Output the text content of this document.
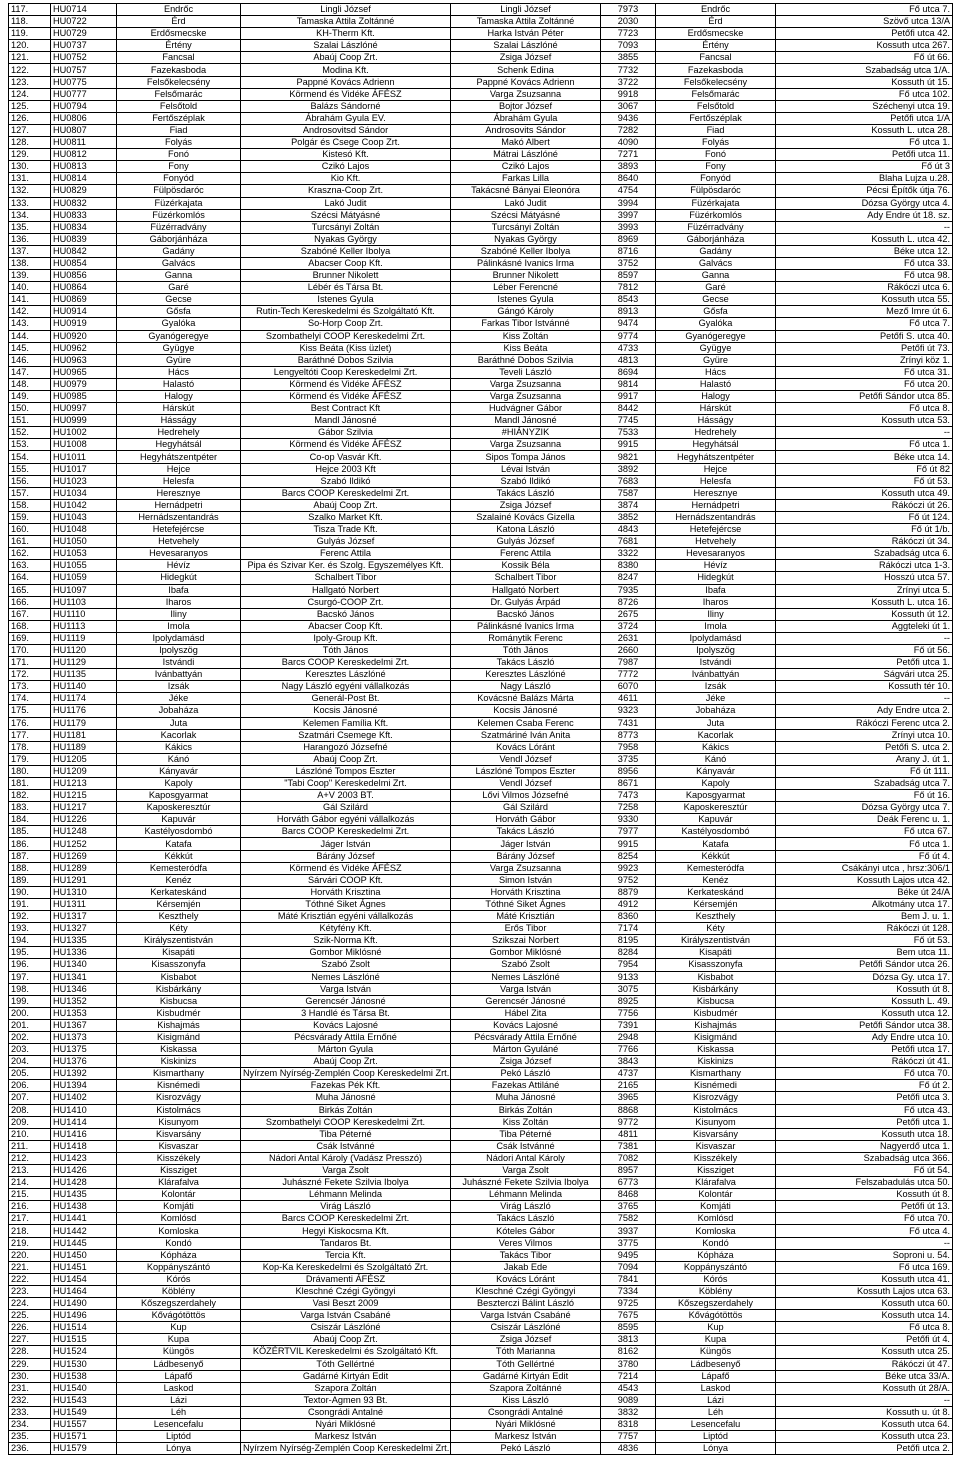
117.	HU0714	Endrőc	Lingli József	Lingli József	7973	Endrőc	Fő utca 7.
118.	HU0722	Érd	Tamaska Attila Zoltánné	Tamaska Attila Zoltánné	2030	Érd	Szövő utca 13/A
119.	HU0729	Erdősmecske	KH-Therm Kft.	Harka István Péter	7723	Erdősmecske	Petőfi utca 42.
120.	HU0737	Értény	Szalai Lászlóné	Szalai Lászlóné	7093	Értény	Kossuth utca 267.
121.	HU0752	Fancsal	Abaúj Coop Zrt.	Zsiga József	3855	Fancsal	Fő út 66.
122.	HU0757	Fazekasboda	Modina Kft.	Schenk Edina	7732	Fazekasboda	Szabadság utca 1/A.
123.	HU0775	Felsőkelecsény	Pappné Kovács Adrienn	Pappné Kovács Adrienn	3722	Felsőkelecsény	Kossuth út 15.
124.	HU0777	Felsőmarác	Körmend és Vidéke ÁFÉSZ	Varga Zsuzsanna	9918	Felsőmarác	Fő utca 102.
125.	HU0794	Felsőtold	Balázs Sándorné	Bojtor József	3067	Felsőtold	Széchenyi utca 19.
126.	HU0806	Fertőszéplak	Ábrahám Gyula EV.	Ábrahám Gyula	9436	Fertőszéplak	Petőfi utca 1/A
127.	HU0807	Fiad	Androsovitsd Sándor	Androsovits Sándor	7282	Fiad	Kossuth L. utca 28.
128.	HU0811	Folyás	Polgár és Csege Coop Zrt.	Makó Albert	4090	Folyás	Fő utca 1.
129.	HU0812	Fonó	Kistesó Kft.	Mátrai Lászlóné	7271	Fonó	Petőfi utca 11.
130.	HU0813	Fony	Czikó Lajos	Czikó Lajos	3893	Fony	Fő út 3
131.	HU0814	Fonyód	Kio Kft.	Farkas Lilla	8640	Fonyód	Blaha Lujza u.28.
132.	HU0829	Fülpösdaróc	Kraszna-Coop Zrt.	Takácsné Bányai Eleonóra	4754	Fülpösdaróc	Pécsi Építők útja 76.
133.	HU0832	Füzérkajata	Lakó Judit	Lakó Judit	3994	Füzérkajata	Dózsa György utca 4.
134.	HU0833	Füzérkomlós	Szécsi Mátyásné	Szécsi Mátyásné	3997	Füzérkomlós	Ady Endre út 18. sz.
135.	HU0834	Füzérradvány	Turcsányi Zoltán	Turcsányi Zoltán	3993	Füzérradvány	--
136.	HU0839	Gáborjánháza	Nyakas György	Nyakas György	8969	Gáborjánháza	Kossuth L. utca 42.
137.	HU0842	Gadány	Szabóné Keller Ibolya	Szabóné Keller Ibolya	8716	Gadány	Béke utca 12.
138.	HU0854	Galvács	Abacser Coop Kft.	Pálinkásné Ivanics Irma	3752	Galvács	Fő utca 33.
139.	HU0856	Ganna	Brunner Nikolett	Brunner Nikolett	8597	Ganna	Fő utca 98.
140.	HU0864	Garé	Lébér és Társa Bt.	Léber Ferencné	7812	Garé	Rákóczi utca 6.
141.	HU0869	Gecse	Istenes Gyula	Istenes Gyula	8543	Gecse	Kossuth utca 55.
142.	HU0914	Gősfa	Rutin-Tech Kereskedelmi és Szolgáltató Kft.	Gángó Károly	8913	Gősfa	Mező Imre út 6.
143.	HU0919	Gyalóka	So-Horp Coop Zrt.	Farkas Tibor Istvánné	9474	Gyalóka	Fő utca 7.
144.	HU0920	Gyanógeregye	Szombathelyi COOP Kereskedelmi Zrt.	Kiss Zoltán	9774	Gyanógeregye	Petőfi S. utca 40.
145.	HU0962	Gyügye	Kiss Beáta (Kiss üzlet)	Kiss Beáta	4733	Gyügye	Petőfi út 73.
146.	HU0963	Gyüre	Baráthné Dobos Szilvia	Baráthné Dobos Szilvia	4813	Gyüre	Zrínyi köz 1.
147.	HU0965	Hács	Lengyeltóti Coop Kereskedelmi Zrt.	Teveli László	8694	Hács	Fő utca 31.
148.	HU0979	Halastó	Körmend és Vidéke ÁFÉSZ	Varga Zsuzsanna	9814	Halastó	Fő utca 20.
149.	HU0985	Halogy	Körmend és Vidéke ÁFÉSZ	Varga Zsuzsanna	9917	Halogy	Petőfi Sándor utca 85.
150.	HU0997	Hárskút	Best Contract Kft	Hudvágner Gábor	8442	Hárskút	Fő utca 8.
151.	HU0999	Hásságy	Mandl Jánosné	Mandl Jánosné	7745	Hásságy	Kossuth utca 53.
152.	HU1002	Hedrehely	Gábor Szilvia	#HIÁNYZIK	7533	Hedrehely	--
153.	HU1008	Hegyhátsál	Körmend és Vidéke ÁFÉSZ	Varga Zsuzsanna	9915	Hegyhátsál	Fő utca 1.
154.	HU1011	Hegyhátszentpéter	Co-op Vasvár Kft.	Sipos Tompa János	9821	Hegyhátszentpéter	Béke utca 14.
155.	HU1017	Hejce	Hejce 2003 Kft	Lévai István	3892	Hejce	Fő út 82
156.	HU1023	Helesfa	Szabó Ildikó	Szabó Ildikó	7683	Helesfa	Fő út 53.
157.	HU1034	Heresznye	Barcs COOP Kereskedelmi Zrt.	Takács László	7587	Heresznye	Kossuth utca 49.
158.	HU1042	Hernádpetri	Abaúj Coop Zrt.	Zsiga József	3874	Hernádpetri	Rákóczi út 26.
159.	HU1043	Hernádszentandrás	Szalko Market Kft.	Szalainé Kovács Gizella	3852	Hernádszentandrás	Fő út 124.
160.	HU1048	Hetefejércse	Tisza Trade Kft.	Katona László	4843	Hetefejércse	Fő út 1/b.
161.	HU1050	Hetvehely	Gulyás József	Gulyás József	7681	Hetvehely	Rákóczi út 34.
162.	HU1053	Hevesaranyos	Ferenc Attila	Ferenc Attila	3322	Hevesaranyos	Szabadság utca 6.
163.	HU1055	Hévíz	Pipa és Szivar Ker. és Szolg. Egyszemélyes Kft.	Kossik Béla	8380	Hévíz	Rákóczi utca 1-3.
164.	HU1059	Hidegkút	Schalbert Tibor	Schalbert Tibor	8247	Hidegkút	Hosszú utca 57.
165.	HU1097	Ibafa	Hallgató Norbert	Hallgató Norbert	7935	Ibafa	Zrínyi utca 5.
166.	HU1103	Iharos	Csurgó-COOP Zrt.	Dr. Gulyás Árpád	8726	Iharos	Kossuth L. utca 16.
167.	HU1110	Iliny	Bacskó János	Bacskó János	2675	Iliny	Kossuth út 12.
168.	HU1113	Imola	Abacser Coop Kft.	Pálinkásné Ivanics Irma	3724	Imola	Aggteleki út 1.
169.	HU1119	Ipolydamásd	Ipoly-Group Kft.	Románytik Ferenc	2631	Ipolydamásd	--
170.	HU1120	Ipolyszög	Tóth János	Tóth János	2660	Ipolyszög	Fő út 56.
171.	HU1129	Istvándi	Barcs COOP Kereskedelmi Zrt.	Takács László	7987	Istvándi	Petőfi utca 1.
172.	HU1135	Ivánbattyán	Keresztes Lászlóné	Keresztes Lászlóné	7772	Ivánbattyán	Ságvári utca 25.
173.	HU1140	Izsák	Nagy László egyéni vállalkozás	Nagy László	6070	Izsák	Kossuth tér 10.
174.	HU1174	Jéke	Generál-Post Bt.	Kovácsné Balázs Márta	4611	Jéke	--
175.	HU1176	Jobaháza	Kocsis Jánosné	Kocsis Jánosné	9323	Jobaháza	Ady Endre utca 2.
176.	HU1179	Juta	Kelemen Família Kft.	Kelemen Csaba Ferenc	7431	Juta	Rákóczi Ferenc utca 2.
177.	HU1181	Kacorlak	Szatmári Csemege Kft.	Szatmáriné Iván Anita	8773	Kacorlak	Zrínyi utca 10.
178.	HU1189	Kákics	Harangozó Józsefné	Kovács Lóránt	7958	Kákics	Petőfi S. utca 2.
179.	HU1205	Kánó	Abaúj Coop Zrt.	Vendl József	3735	Kánó	Arany J. út 1.
180.	HU1209	Kányavár	Lászlóné Tompos Eszter	Lászlóné Tompos Eszter	8956	Kányavár	Fő út 111.
181.	HU1213	Kapoly	"Tabi Coop" Kereskedelmi Zrt.	Vendl József	8671	Kapoly	Szabadság utca 7.
182.	HU1215	Kaposgyarmat	A+V 2003 BT.	Lővi Vilmos Józsefné	7473	Kaposgyarmat	Fő út 16.
183.	HU1217	Kaposkeresztúr	Gál Szilárd	Gál Szilárd	7258	Kaposkeresztúr	Dózsa György utca 7.
184.	HU1226	Kapuvár	Horváth Gábor egyéni vállalkozás	Horváth Gábor	9330	Kapuvár	Deák Ferenc u. 1.
185.	HU1248	Kastélyosdombó	Barcs COOP Kereskedelmi Zrt.	Takács László	7977	Kastélyosdombó	Fő utca 67.
186.	HU1252	Katafa	Jáger István	Jáger István	9915	Katafa	Fő utca 1.
187.	HU1269	Kékkút	Bárány József	Bárány József	8254	Kékkút	Fő út 4.
188.	HU1289	Kemesteródfa	Körmend és Vidéke ÁFÉSZ	Varga Zsuzsanna	9923	Kemesteródfa	Csákányi utca , hrsz:306/1
189.	HU1291	Kenéz	Sárvári COOP Kft.	Simon István	9752	Kenéz	Kossuth Lajos utca 42.
190.	HU1310	Kerkateskánd	Horváth Krisztina	Horváth Krisztina	8879	Kerkateskánd	Béke út 24/A
191.	HU1311	Kérsemjén	Tóthné Siket Ágnes	Tóthné Siket Ágnes	4912	Kérsemjén	Alkotmány utca 17.
192.	HU1317	Keszthely	Máté Krisztián egyéni vállalkozás	Máté Krisztián	8360	Keszthely	Bem J. u. 1.
193.	HU1327	Kéty	Kétyfény Kft.	Erős Tibor	7174	Kéty	Rákóczi út 128.
194.	HU1335	Királyszentistván	Szik-Norma Kft.	Szikszai Norbert	8195	Királyszentistván	Fő út 53.
195.	HU1336	Kisapáti	Gombor Miklósné	Gombor Miklósné	8284	Kisapáti	Bem utca 11.
196.	HU1340	Kisasszonyfa	Szabó Zsolt	Szabó Zsolt	7954	Kisasszonyfa	Petőfi Sándor utca 26.
197.	HU1341	Kisbabot	Nemes Lászlóné	Nemes Lászlóné	9133	Kisbabot	Dózsa Gy. utca 17.
198.	HU1346	Kisbárkány	Varga István	Varga István	3075	Kisbárkány	Kossuth út 8.
199.	HU1352	Kisbucsa	Gerencsér Jánosné	Gerencsér Jánosné	8925	Kisbucsa	Kossuth L. 49.
200.	HU1353	Kisbudmér	3 Handlé és Társa Bt.	Hábel Zita	7756	Kisbudmér	Kossuth utca 12.
201.	HU1367	Kishajmás	Kovács Lajosné	Kovács Lajosné	7391	Kishajmás	Petőfi Sándor utca 38.
202.	HU1373	Kisigmánd	Pécsvárady Attila Ernőné	Pécsvárady Attila Ernőné	2948	Kisigmánd	Ady Endre utca 10.
203.	HU1375	Kiskassa	Márton Gyula	Márton Gyuláné	7766	Kiskassa	Petőfi utca 17.
204.	HU1376	Kiskinizs	Abaúj Coop Zrt.	Zsiga József	3843	Kiskinizs	Rákóczi út 41.
205.	HU1392	Kismarthany	Nyírzem Nyírség-Zemplén Coop Kereskedelmi Zrt.	Pekó László	4737	Kismarthany	Fő utca 70.
206.	HU1394	Kisnémedi	Fazekas Pék Kft.	Fazekas Attiláné	2165	Kisnémedi	Fő út 2.
207.	HU1402	Kisrozvágy	Muha Jánosné	Muha Jánosné	3965	Kisrozvágy	Petőfi utca 3.
208.	HU1410	Kistolmács	Birkás Zoltán	Birkás Zoltán	8868	Kistolmács	Fő utca 43.
209.	HU1414	Kisunyom	Szombathelyi COOP Kereskedelmi Zrt.	Kiss Zoltán	9772	Kisunyom	Petőfi utca 1.
210.	HU1416	Kisvarsány	Tiba Péterné	Tiba Péterné	4811	Kisvarsány	Kossuth utca 18.
211.	HU1418	Kisvaszar	Csák Istvánné	Csák Istvánné	7381	Kisvaszar	Nagyerdő utca 1.
212.	HU1423	Kisszékely	Nádori Antal Károly (Vadász Presszó)	Nádori Antal Károly	7082	Kisszékely	Szabadság utca 366.
213.	HU1426	Kissziget	Varga Zsolt	Varga Zsolt	8957	Kissziget	Fő út 54.
214.	HU1428	Klárafalva	Juhászné Fekete Szilvia Ibolya	Juhászné Fekete Szilvia Ibolya	6773	Klárafalva	Felszabadulás utca 50.
215.	HU1435	Kolontár	Léhmann Melinda	Léhmann Melinda	8468	Kolontár	Kossuth út 8.
216.	HU1438	Komjáti	Virág László	Virág László	3765	Komjáti	Petőfi út 13.
217.	HU1441	Komlósd	Barcs COOP Kereskedelmi Zrt.	Takács László	7582	Komlósd	Fő utca 70.
218.	HU1442	Komloska	Hegyi Kiskocsma Kft.	Kóteles Gábor	3937	Komloska	Fő utca 4.
219.	HU1445	Kondó	Tandaros Bt.	Veres Vilmos	3775	Kondó	--
220.	HU1450	Kópháza	Tercia Kft.	Takács Tibor	9495	Kópháza	Soproni u. 54.
221.	HU1451	Koppányszántó	Kop-Ka Kereskedelmi és Szolgáltató Zrt.	Jakab Ede	7094	Koppányszántó	Fő utca 169.
222.	HU1454	Kórós	Drávamenti ÁFÉSZ	Kovács Lóránt	7841	Kórós	Kossuth utca 41.
223.	HU1464	Köblény	Kleschné Czégi Gyöngyi	Kleschné Czégi Gyöngyi	7334	Köblény	Kossuth Lajos utca 63.
224.	HU1490	Kőszegszerdahely	Vasi Beszt 2009	Beszterczi Bálint László	9725	Kőszegszerdahely	Kossuth utca 60.
225.	HU1496	Kővágótöttös	Varga István Csabáné	Varga István Csabáné	7675	Kővágótöttös	Kossuth utca 14.
226.	HU1514	Kup	Csiszár Lászlóné	Csiszár Lászlóné	8595	Kup	Fő utca 8.
227.	HU1515	Kupa	Abaúj Coop Zrt.	Zsiga József	3813	Kupa	Petőfi út 4.
228.	HU1524	Küngös	KÖZÉRTVIL Kereskedelmi és Szolgáltató Kft.	Tóth Marianna	8162	Küngös	Kossuth utca 25.
229.	HU1530	Ládbesenyő	Tóth Gellértné	Tóth Gellértné	3780	Ládbesenyő	Rákóczi út 47.
230.	HU1538	Lápafő	Gadárné Kirtyán Edit	Gadárné Kirtyán Edit	7214	Lápafő	Béke utca 33/A.
231.	HU1540	Laskod	Szapora Zoltán	Szapora Zoltánné	4543	Laskod	Kossuth út 28/A.
232.	HU1543	Lázi	Textor-Agmen 93 Bt.	Kiss László	9089	Lázi	--
233.	HU1549	Léh	Csongrádi Antalné	Csongrádi Antalné	3832	Léh	Kossuth u. út 8.
234.	HU1557	Lesencefalu	Nyári Miklósné	Nyári Miklósné	8318	Lesencefalu	Kossuth utca 64.
235.	HU1571	Liptód	Markesz István	Markesz István	7757	Liptód	Kossuth utca 23.
236.	HU1579	Lónya	Nyírzem Nyírség-Zemplén Coop Kereskedelmi Zrt.	Pekó László	4836	Lónya	Petőfi utca 2.
